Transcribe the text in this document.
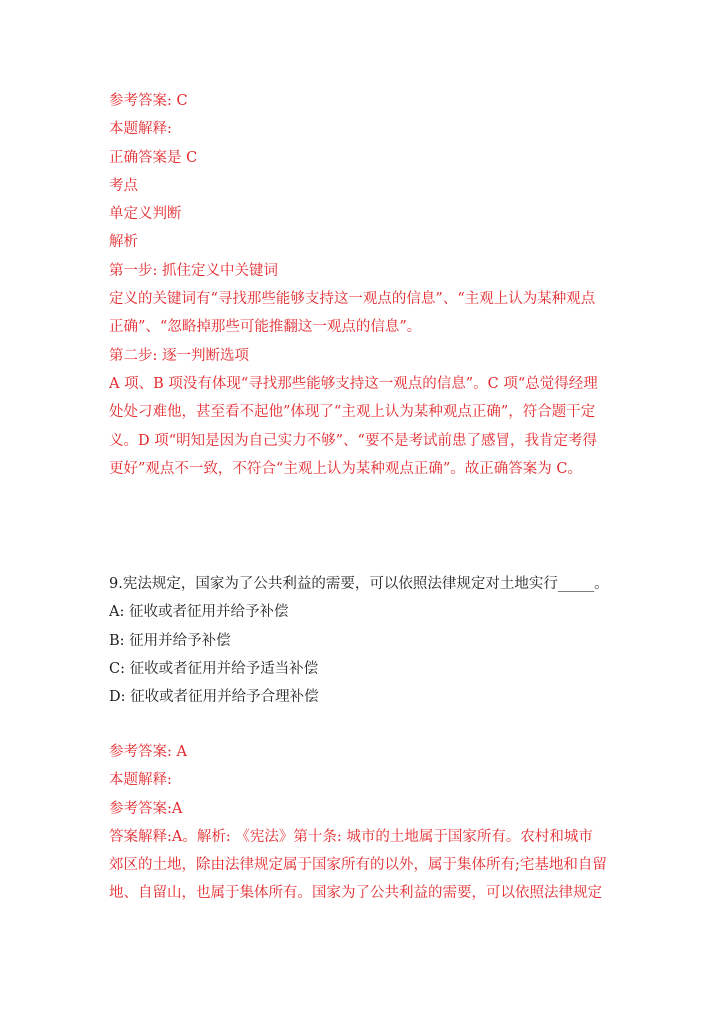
参考答案: C
本题解释:
正确答案是 C
考点
单定义判断
解析
第一步: 抓住定义中关键词
定义的关键词有“寻找那些能够支持这一观点的信息”、“主观上认为某种观点
正确”、“忽略掉那些可能推翻这一观点的信息”。
第二步: 逐一判断选项
A 项、B 项没有体现“寻找那些能够支持这一观点的信息”。C 项“总觉得经理
处处刁难他，甚至看不起他”体现了“主观上认为某种观点正确”，符合题干定
义。D 项“明知是因为自己实力不够”、“要不是考试前患了感冒，我肯定考得
更好”观点不一致，不符合“主观上认为某种观点正确”。故正确答案为 C。
9.宪法规定，国家为了公共利益的需要，可以依照法律规定对土地实行_____。
A: 征收或者征用并给予补偿
B: 征用并给予补偿
C: 征收或者征用并给予适当补偿
D: 征收或者征用并给予合理补偿
参考答案: A
本题解释:
参考答案:A
答案解释:A。解析: 《宪法》第十条: 城市的土地属于国家所有。农村和城市
郊区的土地，除由法律规定属于国家所有的以外，属于集体所有;宅基地和自留
地、自留山，也属于集体所有。国家为了公共利益的需要，可以依照法律规定
